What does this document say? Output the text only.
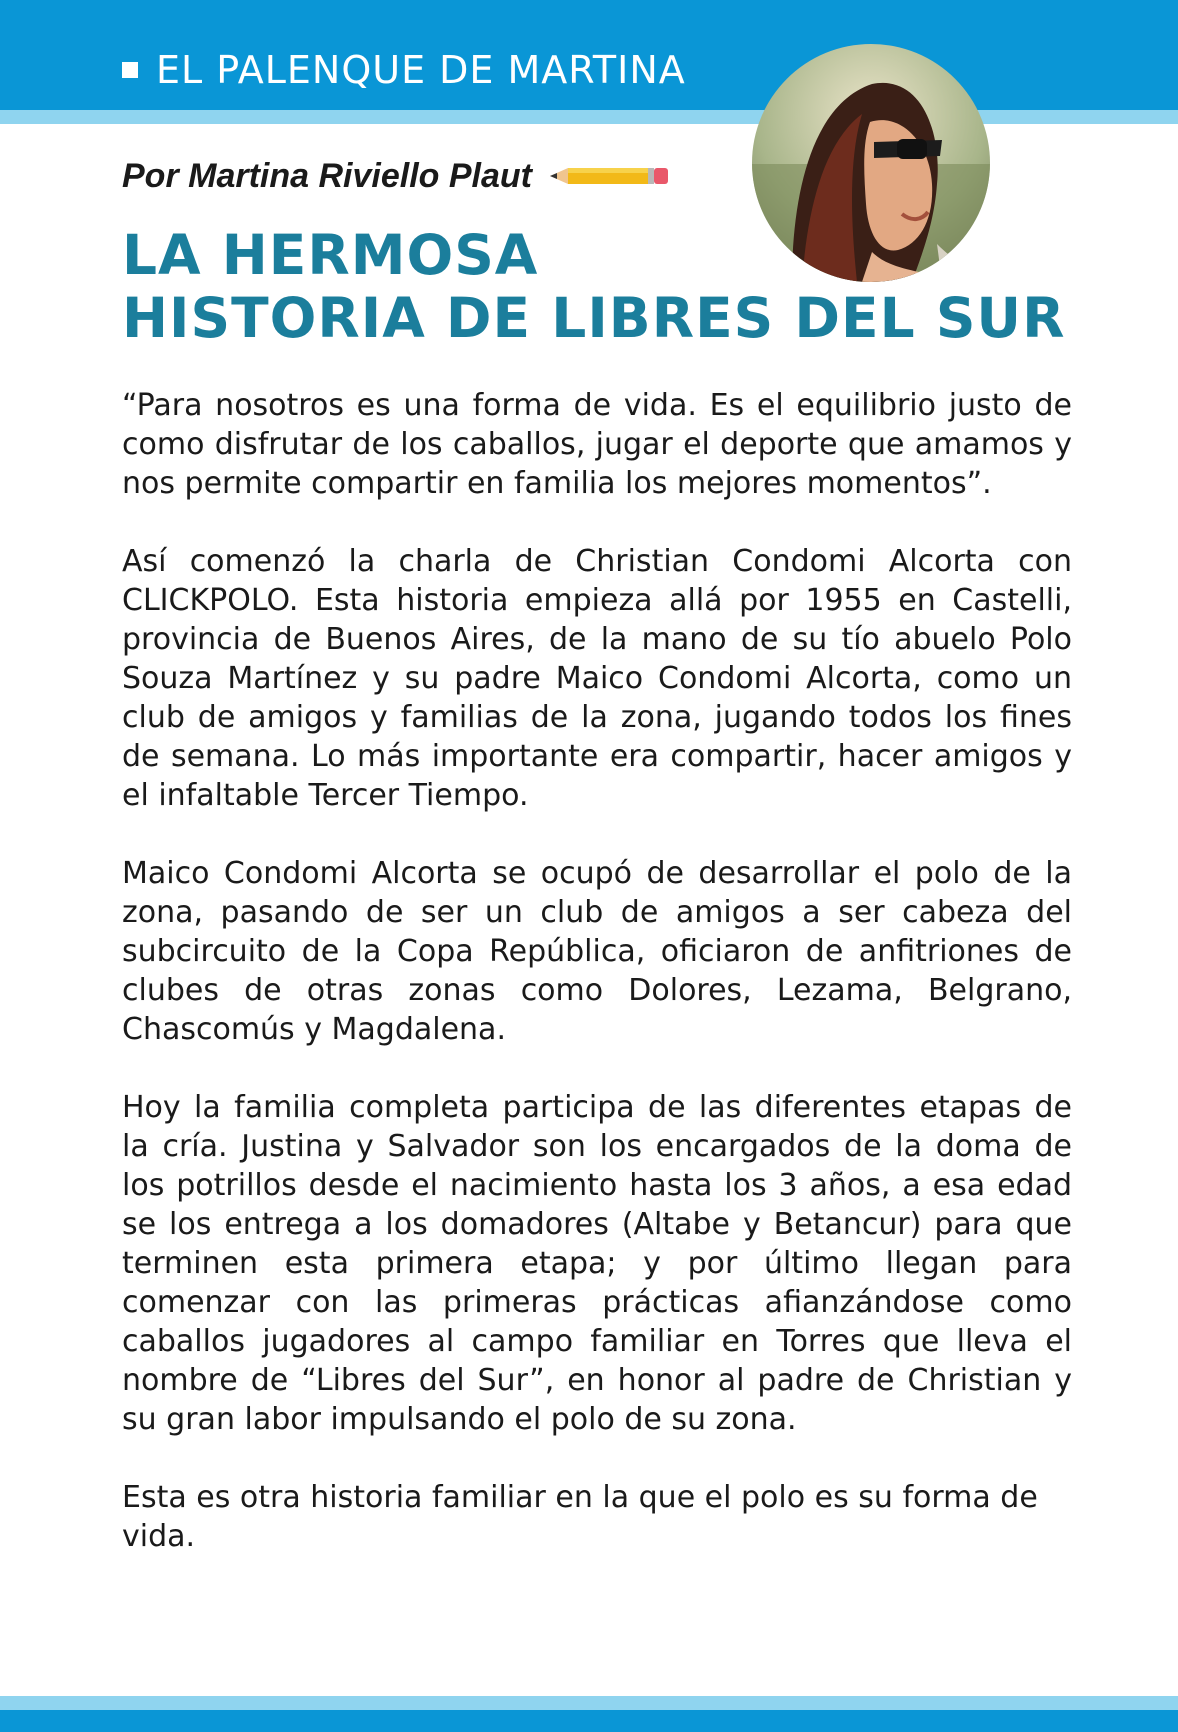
EL PALENQUE DE MARTINA
Por Martina Riviello Plaut
LA HERMOSA
HISTORIA DE LIBRES DEL SUR

“Para nosotros es una forma de vida. Es el equilibrio justo de como disfrutar de los caballos, jugar el deporte que amamos y nos permite compartir en familia los mejores momentos”.

Así comenzó la charla de Christian Condomi Alcorta con CLICKPOLO. Esta historia empieza allá por 1955 en Castelli, provincia de Buenos Aires, de la mano de su tío abuelo Polo Souza Martínez y su padre Maico Condomi Alcorta, como un club de amigos y familias de la zona, jugando todos los fines de semana. Lo más importante era compartir, hacer amigos y el infaltable Tercer Tiempo.

Maico Condomi Alcorta se ocupó de desarrollar el polo de la zona, pasando de ser un club de amigos a ser cabeza del subcircuito de la Copa República, oficiaron de anfitriones de clubes de otras zonas como Dolores, Lezama, Belgrano, Chascomús y Magdalena.

Hoy la familia completa participa de las diferentes etapas de la cría. Justina y Salvador son los encargados de la doma de los potrillos desde el nacimiento hasta los 3 años, a esa edad se los entrega a los domadores (Altabe y Betancur) para que terminen esta primera etapa; y por último llegan para comenzar con las primeras prácticas afianzándose como caballos jugadores al campo familiar en Torres que lleva el nombre de “Libres del Sur”, en honor al padre de Christian y su gran labor impulsando el polo de su zona.

Esta es otra historia familiar en la que el polo es su forma de vida.
